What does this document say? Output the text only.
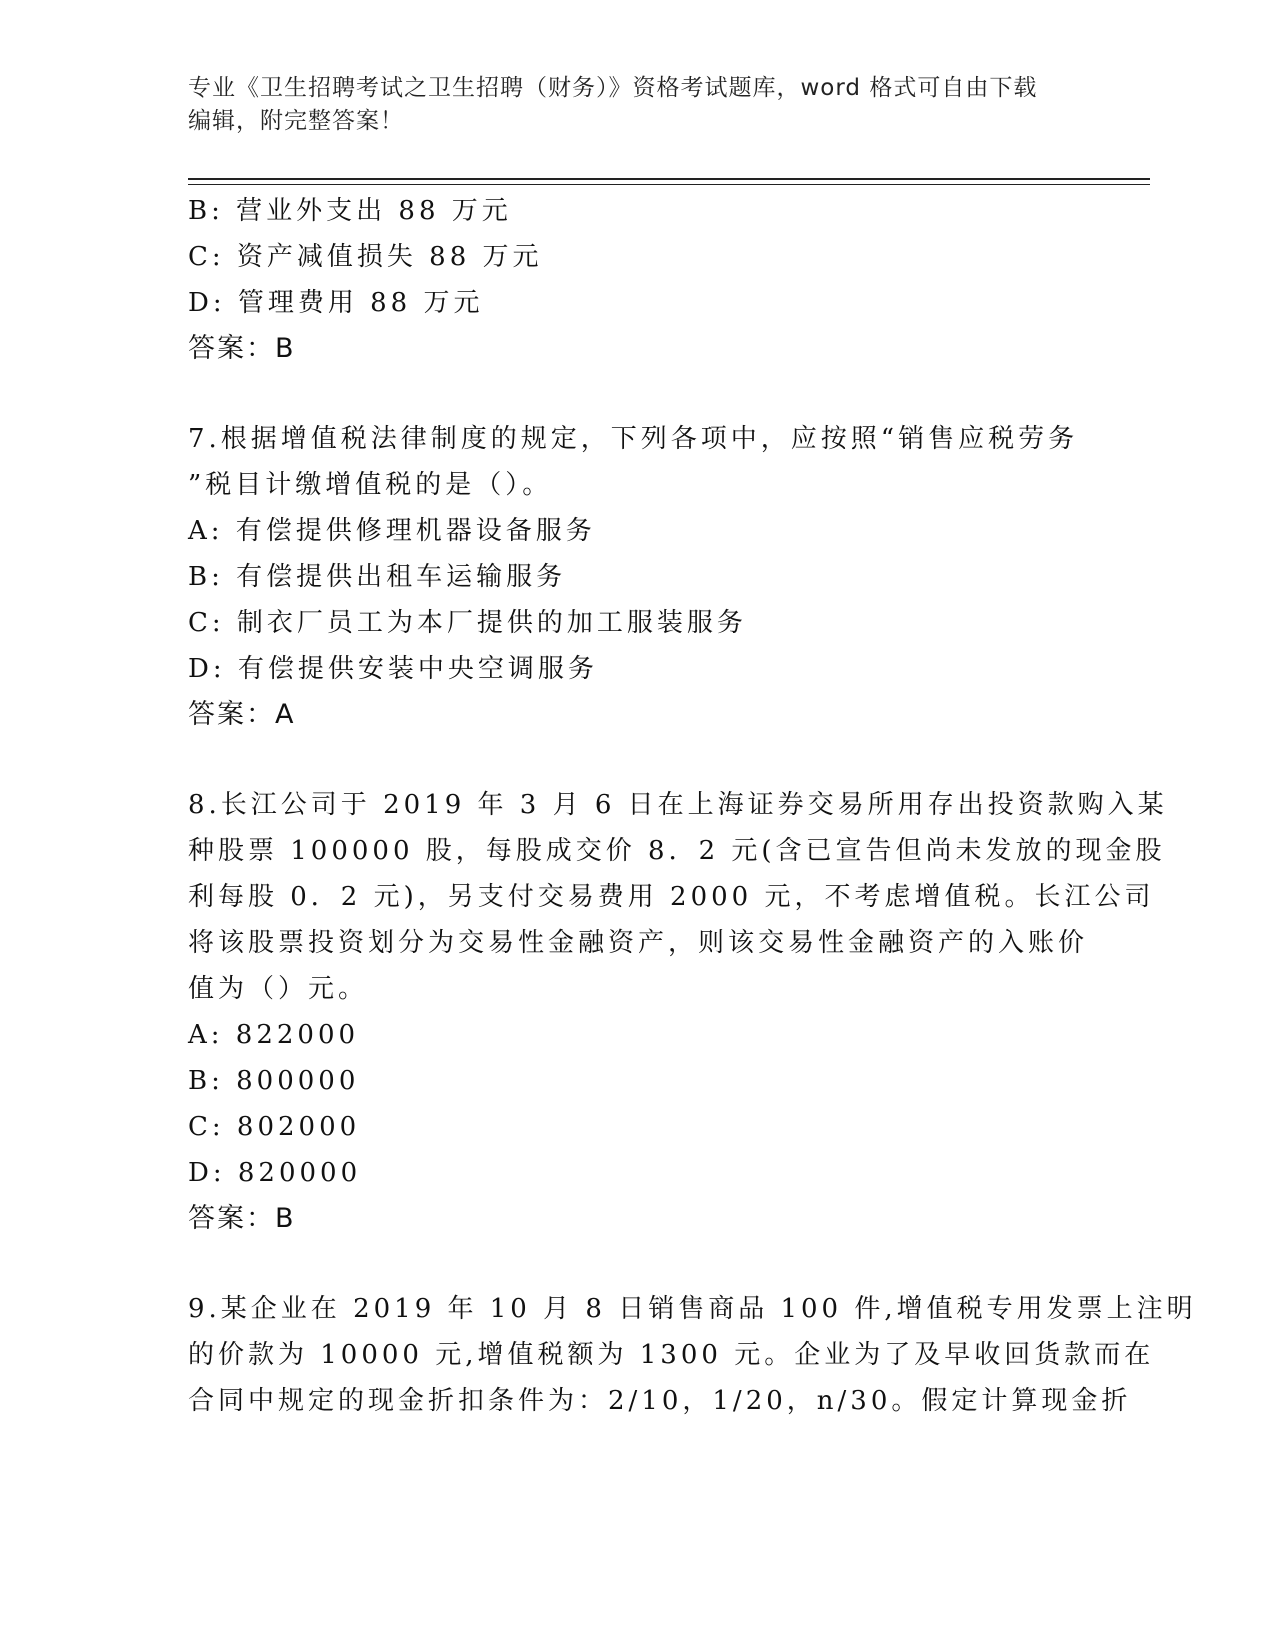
专业《卫生招聘考试之卫生招聘（财务）》资格考试题库，word 格式可自由下载
编辑，附完整答案！
B: 营业外支出 88 万元
C: 资产减值损失 88 万元
D: 管理费用 88 万元
答案：B
7.根据增值税法律制度的规定，下列各项中，应按照“销售应税劳务
”税目计缴增值税的是（）。
A: 有偿提供修理机器设备服务
B: 有偿提供出租车运输服务
C: 制衣厂员工为本厂提供的加工服装服务
D: 有偿提供安装中央空调服务
答案：A
8.长江公司于 2019 年 3 月 6 日在上海证券交易所用存出投资款购入某
种股票 100000 股，每股成交价 8．2 元(含已宣告但尚未发放的现金股
利每股 0．2 元)，另支付交易费用 2000 元，不考虑增值税。长江公司
将该股票投资划分为交易性金融资产，则该交易性金融资产的入账价
值为（）元。
A: 822000
B: 800000
C: 802000
D: 820000
答案：B
9.某企业在 2019 年 10 月 8 日销售商品 100 件,增值税专用发票上注明
的价款为 10000 元,增值税额为 1300 元。企业为了及早收回货款而在
合同中规定的现金折扣条件为：2/10，1/20，n/30。假定计算现金折
